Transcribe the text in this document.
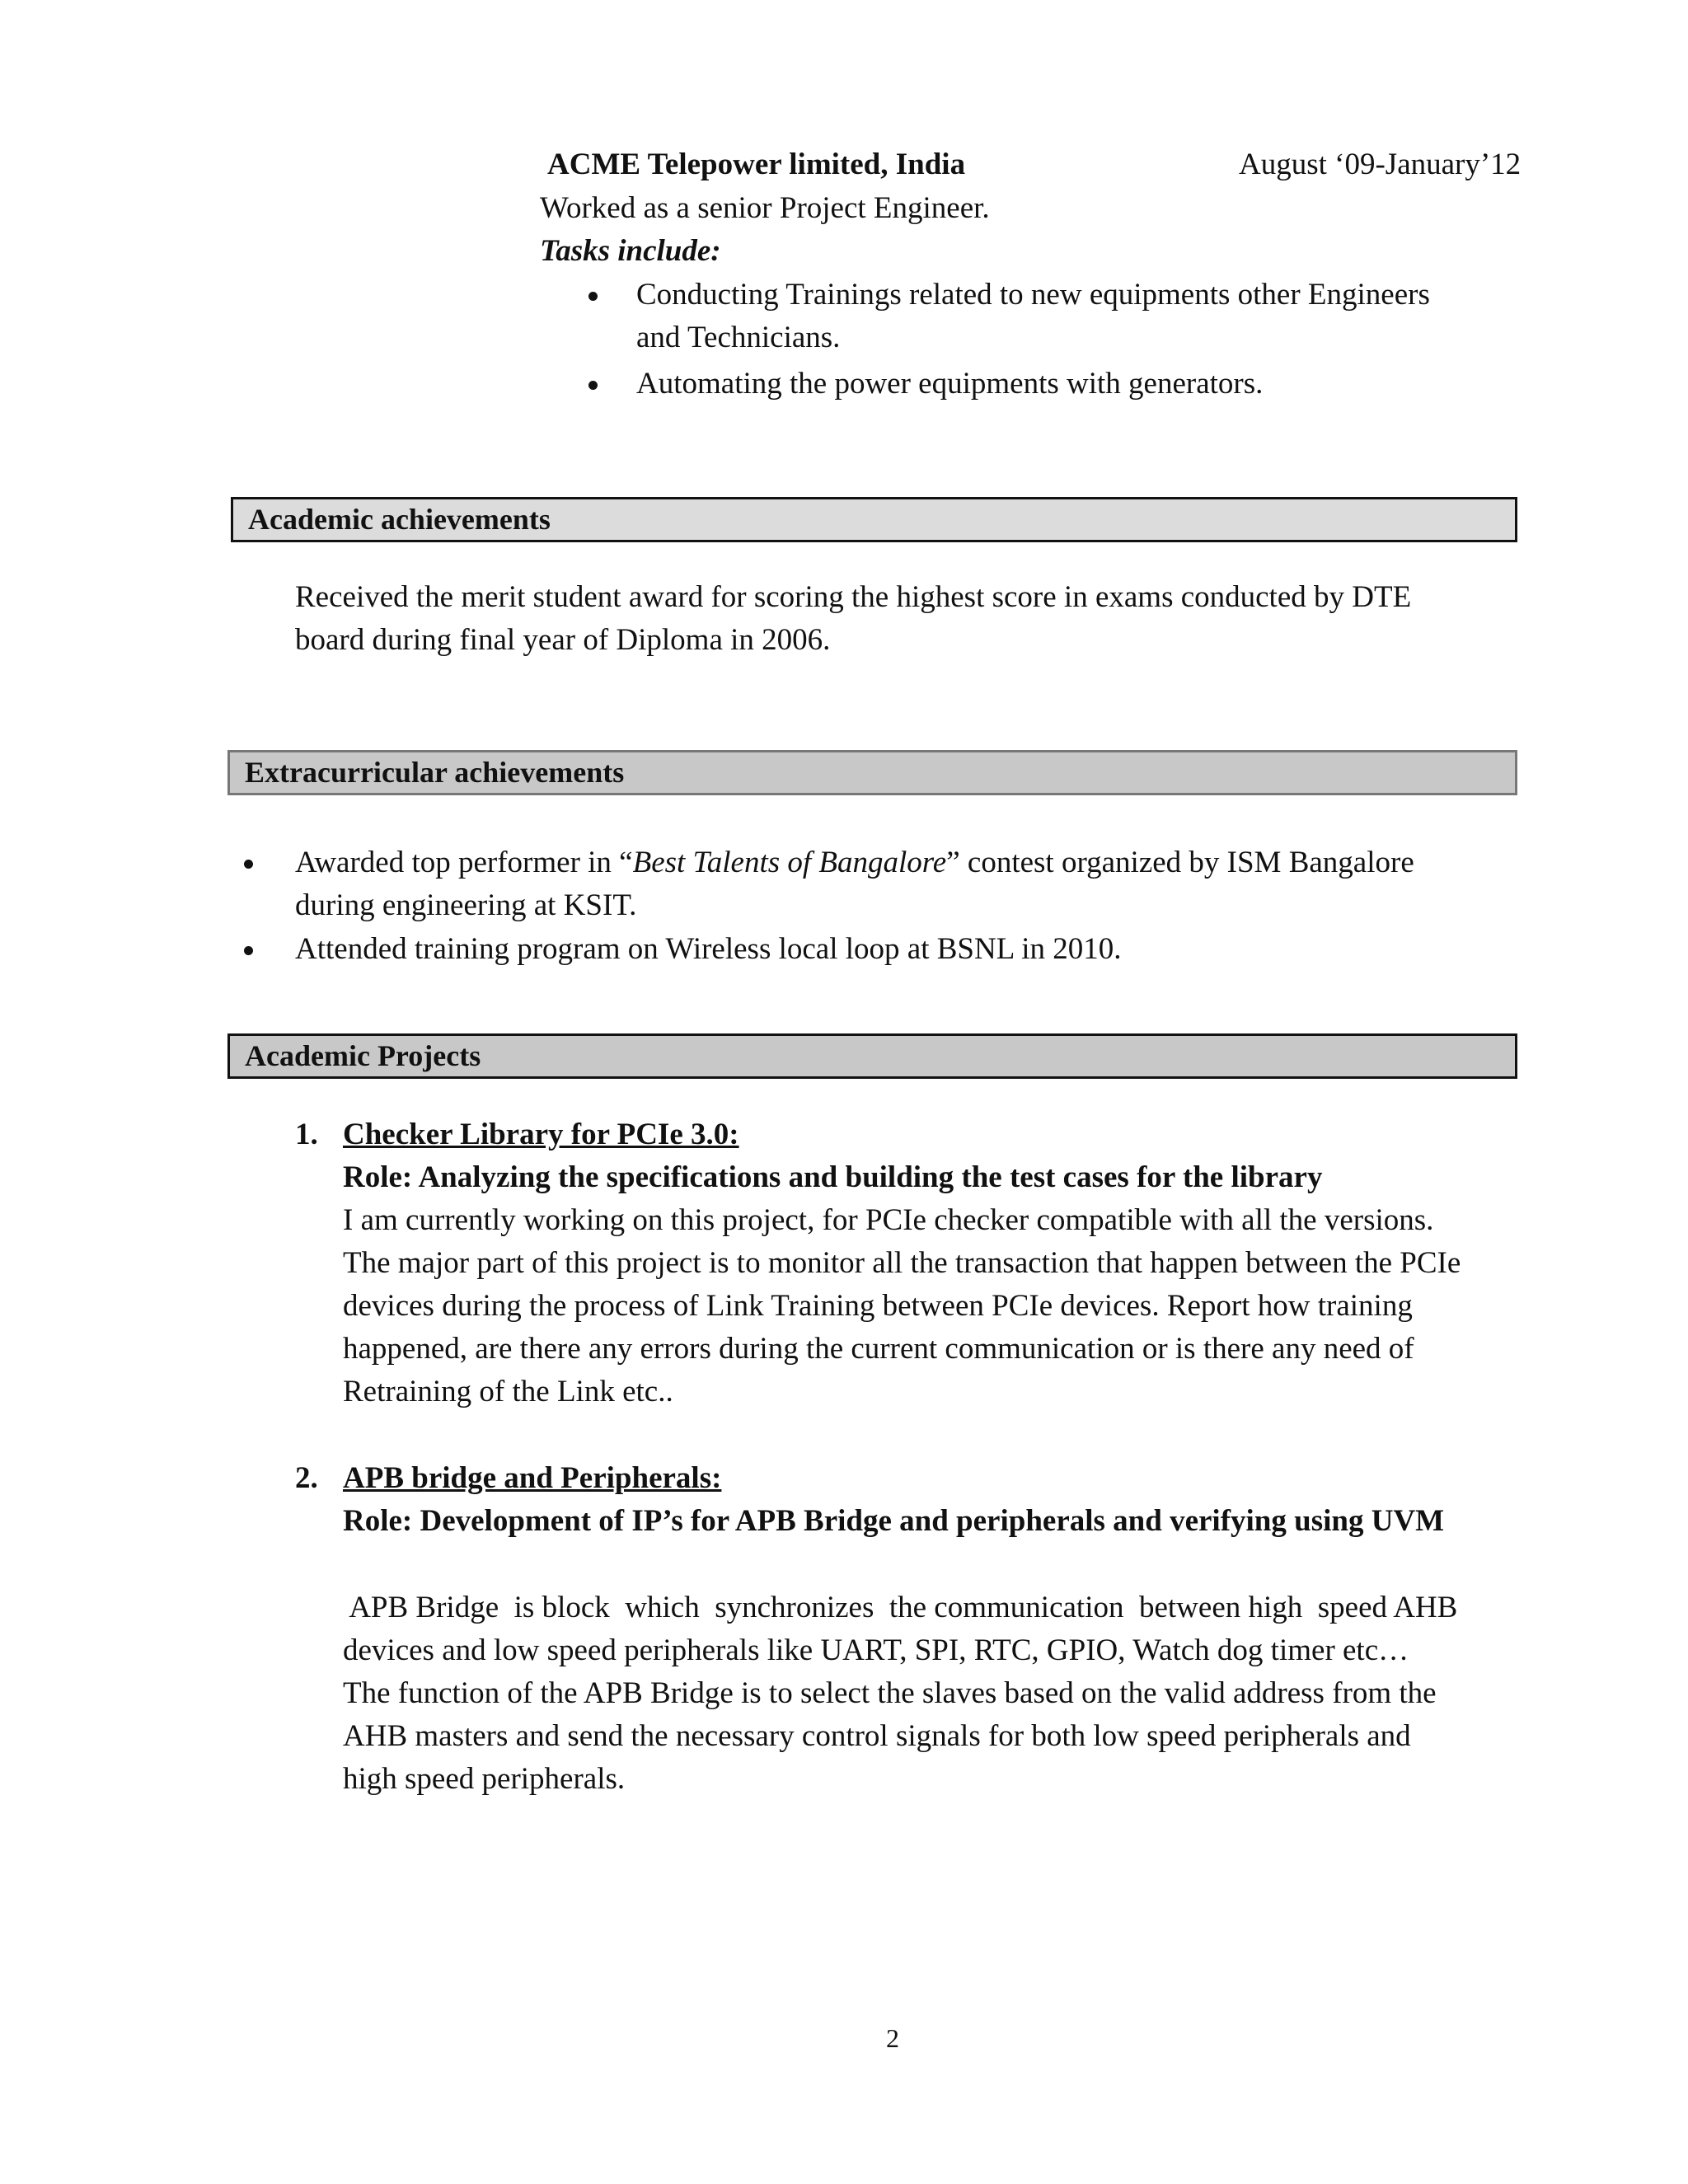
ACME Telepower limited, India	August ‘09-January’12
Worked as a senior Project Engineer.
Tasks include:
Conducting Trainings related to new equipments other Engineers
and Technicians.
Automating the power equipments with generators.
Academic achievements
Received the merit student award for scoring the highest score in exams conducted by DTE
board during final year of Diploma in 2006.
Extracurricular achievements
Awarded top performer in “Best Talents of Bangalore” contest organized by ISM Bangalore
during engineering at KSIT.
Attended training program on Wireless local loop at BSNL in 2010.
Academic Projects
1. Checker Library for PCIe 3.0:
Role: Analyzing the specifications and building the test cases for the library
I am currently working on this project, for PCIe checker compatible with all the versions.
The major part of this project is to monitor all the transaction that happen between the PCIe
devices during the process of Link Training between PCIe devices. Report how training
happened, are there any errors during the current communication or is there any need of
Retraining of the Link etc..
2. APB bridge and Peripherals:
Role: Development of IP’s for APB Bridge and peripherals and verifying using UVM
APB Bridge  is block  which  synchronizes  the communication  between high  speed AHB
devices and low speed peripherals like UART, SPI, RTC, GPIO, Watch dog timer etc…
The function of the APB Bridge is to select the slaves based on the valid address from the
AHB masters and send the necessary control signals for both low speed peripherals and
high speed peripherals.
2
